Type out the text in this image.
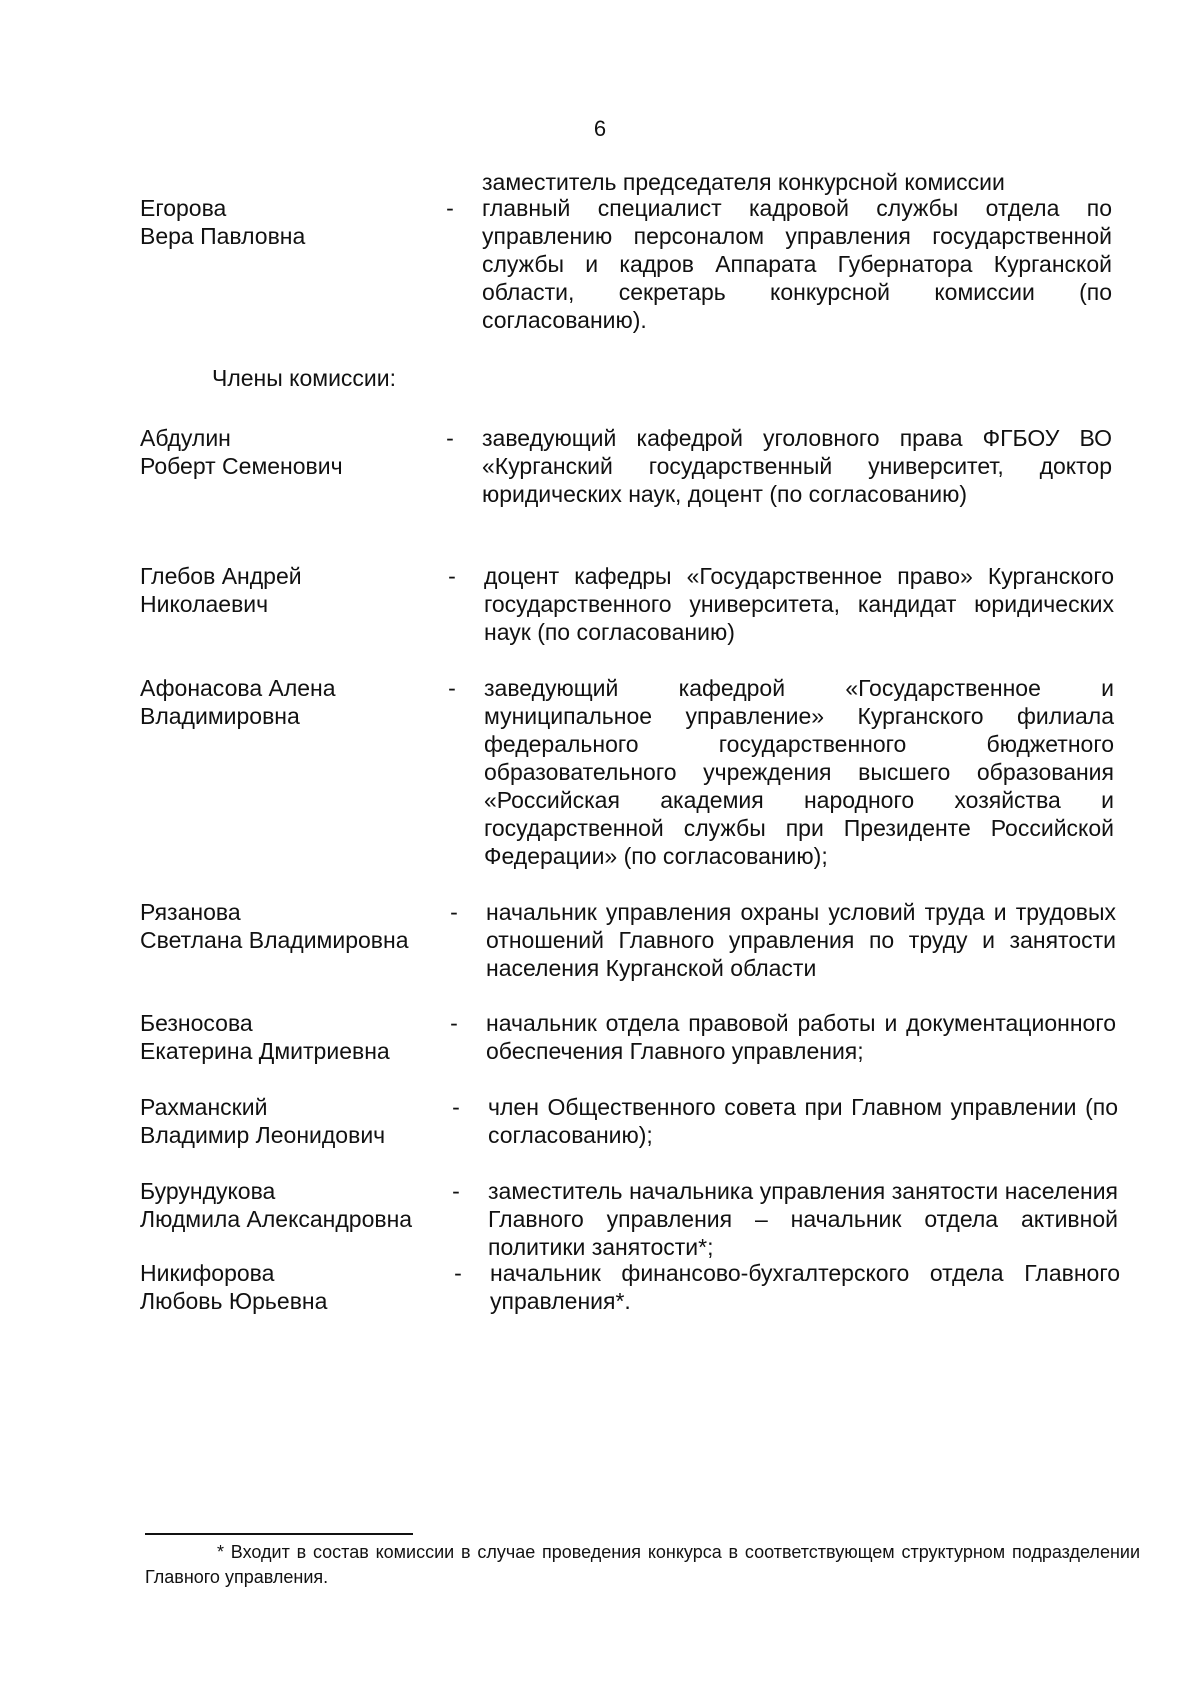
6
заместитель председателя конкурсной комиссии
Егорова
Вера Павловна
- главный специалист кадровой службы отдела по управлению персоналом управления государственной службы и кадров Аппарата Губернатора Курганской области, секретарь конкурсной комиссии (по согласованию).
Члены комиссии:
Абдулин
Роберт Семенович
- заведующий кафедрой уголовного права ФГБОУ ВО «Курганский государственный университет, доктор юридических наук, доцент (по согласованию)
Глебов Андрей
Николаевич
- доцент кафедры «Государственное право» Курганского государственного университета, кандидат юридических наук (по согласованию)
Афонасова Алена
Владимировна
- заведующий кафедрой «Государственное и муниципальное управление» Курганского филиала федерального государственного бюджетного образовательного учреждения высшего образования «Российская академия народного хозяйства и государственной службы при Президенте Российской Федерации» (по согласованию);
Рязанова
Светлана Владимировна
- начальник управления охраны условий труда и трудовых отношений Главного управления по труду и занятости населения Курганской области
Безносова
Екатерина Дмитриевна
- начальник отдела правовой работы и документационного обеспечения Главного управления;
Рахманский
Владимир Леонидович
- член Общественного совета при Главном управлении (по согласованию);
Бурундукова
Людмила Александровна
- заместитель начальника управления занятости населения Главного управления – начальник отдела активной политики занятости*;
Никифорова
Любовь Юрьевна
- начальник финансово-бухгалтерского отдела Главного управления*.
* Входит в состав комиссии в случае проведения конкурса в соответствующем структурном подразделении Главного управления.
